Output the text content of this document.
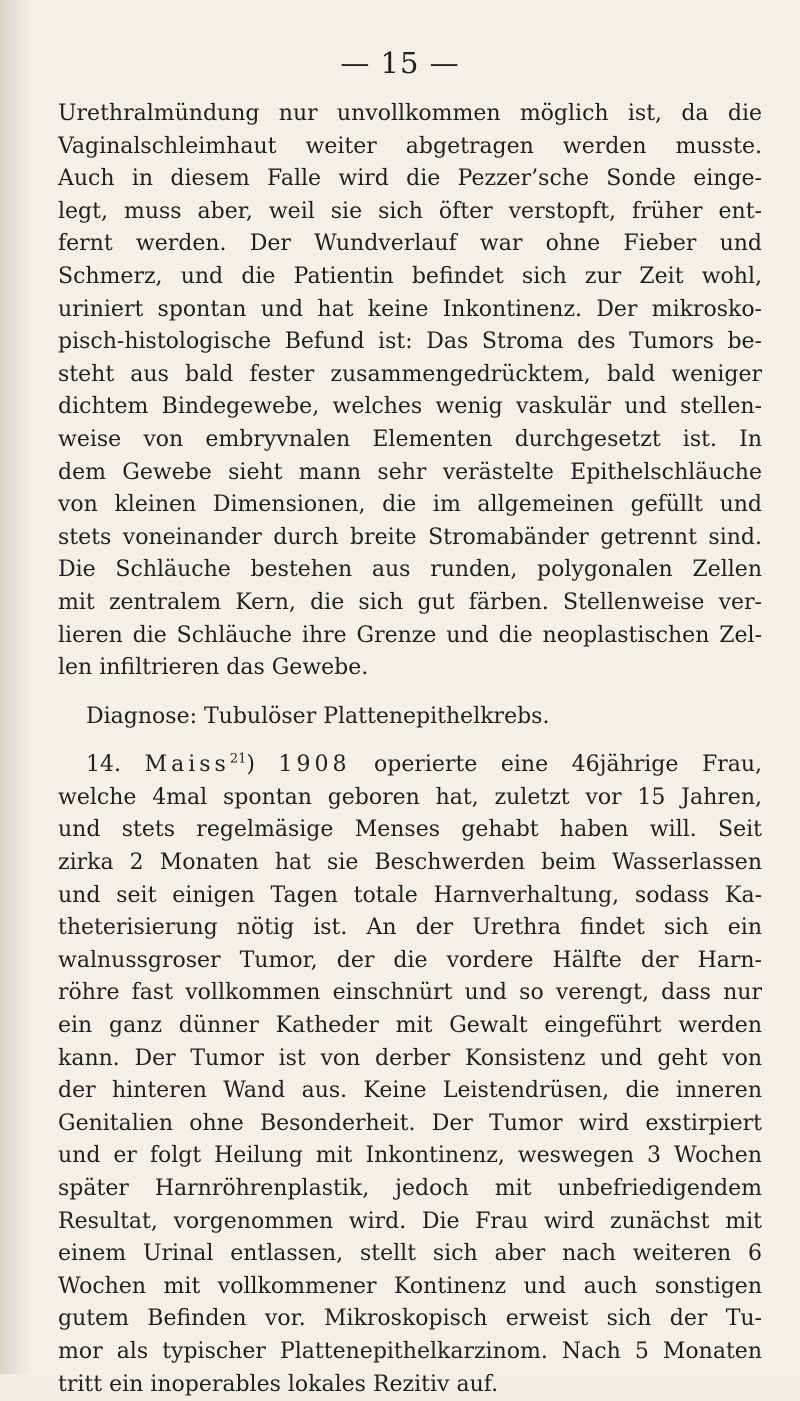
— 15 —
Urethralmündung nur unvollkommen möglich ist, da die
Vaginalschleimhaut weiter abgetragen werden musste.
Auch in diesem Falle wird die Pezzer’sche Sonde einge-
legt, muss aber, weil sie sich öfter verstopft, früher ent-
fernt werden. Der Wundverlauf war ohne Fieber und
Schmerz, und die Patientin befindet sich zur Zeit wohl,
uriniert spontan und hat keine Inkontinenz. Der mikrosko-
pisch-histologische Befund ist: Das Stroma des Tumors be-
steht aus bald fester zusammengedrücktem, bald weniger
dichtem Bindegewebe, welches wenig vaskulär und stellen-
weise von embryvnalen Elementen durchgesetzt ist. In
dem Gewebe sieht mann sehr verästelte Epithelschläuche
von kleinen Dimensionen, die im allgemeinen gefüllt und
stets voneinander durch breite Stromabänder getrennt sind.
Die Schläuche bestehen aus runden, polygonalen Zellen
mit zentralem Kern, die sich gut färben. Stellenweise ver-
lieren die Schläuche ihre Grenze und die neoplastischen Zel-
len infiltrieren das Gewebe.
Diagnose: Tubulöser Plattenepithelkrebs.
14. Maiss$^{21}$) 1908 operierte eine 46jährige Frau,
welche 4mal spontan geboren hat, zuletzt vor 15 Jahren,
und stets regelmäsige Menses gehabt haben will. Seit
zirka 2 Monaten hat sie Beschwerden beim Wasserlassen
und seit einigen Tagen totale Harnverhaltung, sodass Ka-
theterisierung nötig ist. An der Urethra findet sich ein
walnussgroser Tumor, der die vordere Hälfte der Harn-
röhre fast vollkommen einschnürt und so verengt, dass nur
ein ganz dünner Katheder mit Gewalt eingeführt werden
kann. Der Tumor ist von derber Konsistenz und geht von
der hinteren Wand aus. Keine Leistendrüsen, die inneren
Genitalien ohne Besonderheit. Der Tumor wird exstirpiert
und er folgt Heilung mit Inkontinenz, weswegen 3 Wochen
später Harnröhrenplastik, jedoch mit unbefriedigendem
Resultat, vorgenommen wird. Die Frau wird zunächst mit
einem Urinal entlassen, stellt sich aber nach weiteren 6
Wochen mit vollkommener Kontinenz und auch sonstigen
gutem Befinden vor. Mikroskopisch erweist sich der Tu-
mor als typischer Plattenepithelkarzinom. Nach 5 Monaten
tritt ein inoperables lokales Rezitiv auf.
